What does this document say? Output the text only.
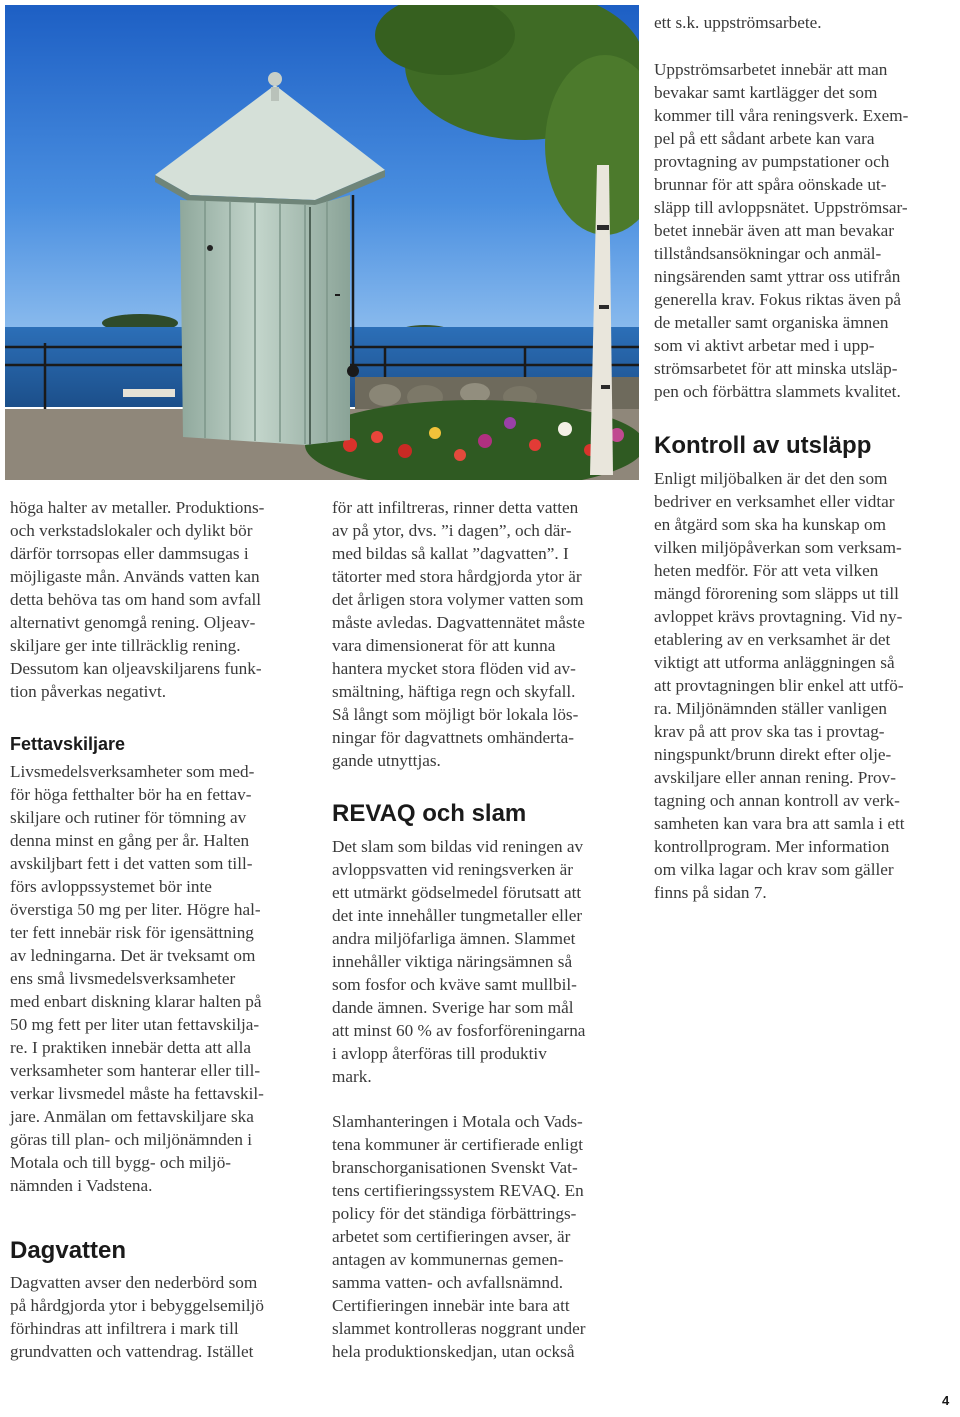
höga halter av metaller. Produktions-
och verkstadslokaler och dylikt bör
därför torrsopas eller dammsugas i
möjligaste mån. Används vatten kan
detta behöva tas om hand som avfall
alternativt genomgå rening. Oljeav-
skiljare ger inte tillräcklig rening.
Dessutom kan oljeavskiljarens funk-
tion påverkas negativt.
Fettavskiljare
Livsmedelsverksamheter som med-
för höga fetthalter bör ha en fettav-
skiljare och rutiner för tömning av
denna minst en gång per år. Halten
avskiljbart fett i det vatten som till-
förs avloppssystemet bör inte
överstiga 50 mg per liter. Högre hal-
ter fett innebär risk för igensättning
av ledningarna. Det är tveksamt om
ens små livsmedelsverksamheter
med enbart diskning klarar halten på
50 mg fett per liter utan fettavskilja-
re. I praktiken innebär detta att alla
verksamheter som hanterar eller till-
verkar livsmedel måste ha fettavskil-
jare. Anmälan om fettavskiljare ska
göras till plan- och miljönämnden i
Motala och till bygg- och miljö-
nämnden i Vadstena.
Dagvatten
Dagvatten avser den nederbörd som
på hårdgjorda ytor i bebyggelsemiljö
förhindras att infiltrera i mark till
grundvatten och vattendrag. Istället
för att infiltreras, rinner detta vatten
av på ytor, dvs. ”i dagen”, och där-
med bildas så kallat ”dagvatten”. I
tätorter med stora hårdgjorda ytor är
det årligen stora volymer vatten som
måste avledas. Dagvattennätet måste
vara dimensionerat för att kunna
hantera mycket stora flöden vid av-
smältning, häftiga regn och skyfall.
Så långt som möjligt bör lokala lös-
ningar för dagvattnets omhänderta-
gande utnyttjas.
REVAQ och slam
Det slam som bildas vid reningen av
avloppsvatten vid reningsverken är
ett utmärkt gödselmedel förutsatt att
det inte innehåller tungmetaller eller
andra miljöfarliga ämnen. Slammet
innehåller viktiga näringsämnen så
som fosfor och kväve samt mullbil-
dande ämnen. Sverige har som mål
att minst 60 % av fosforföreningarna
i avlopp återföras till produktiv
mark.
Slamhanteringen i Motala och Vads-
tena kommuner är certifierade enligt
branschorganisationen Svenskt Vat-
tens certifieringssystem REVAQ. En
policy för det ständiga förbättrings-
arbetet som certifieringen avser, är
antagen av kommunernas gemen-
samma vatten- och avfallsnämnd.
Certifieringen innebär inte bara att
slammet kontrolleras noggrant under
hela produktionskedjan, utan också
ett s.k. uppströmsarbete.
Uppströmsarbetet innebär att man
bevakar samt kartlägger det som
kommer till våra reningsverk. Exem-
pel på ett sådant arbete kan vara
provtagning av pumpstationer och
brunnar för att spåra oönskade ut-
släpp till avloppsnätet. Uppströmsar-
betet innebär även att man bevakar
tillståndsansökningar och anmäl-
ningsärenden samt yttrar oss utifrån
generella krav. Fokus riktas även på
de metaller samt organiska ämnen
som vi aktivt arbetar med i upp-
strömsarbetet för att minska utsläp-
pen och förbättra slammets kvalitet.
Kontroll av utsläpp
Enligt miljöbalken är det den som
bedriver en verksamhet eller vidtar
en åtgärd som ska ha kunskap om
vilken miljöpåverkan som verksam-
heten medför. För att veta vilken
mängd förorening som släpps ut till
avloppet krävs provtagning. Vid ny-
etablering av en verksamhet är det
viktigt att utforma anläggningen så
att provtagningen blir enkel att utfö-
ra. Miljönämnden ställer vanligen
krav på att prov ska tas i provtag-
ningspunkt/brunn direkt efter olje-
avskiljare eller annan rening. Prov-
tagning och annan kontroll av verk-
samheten kan vara bra att samla i ett
kontrollprogram. Mer information
om vilka lagar och krav som gäller
finns på sidan 7.
4
